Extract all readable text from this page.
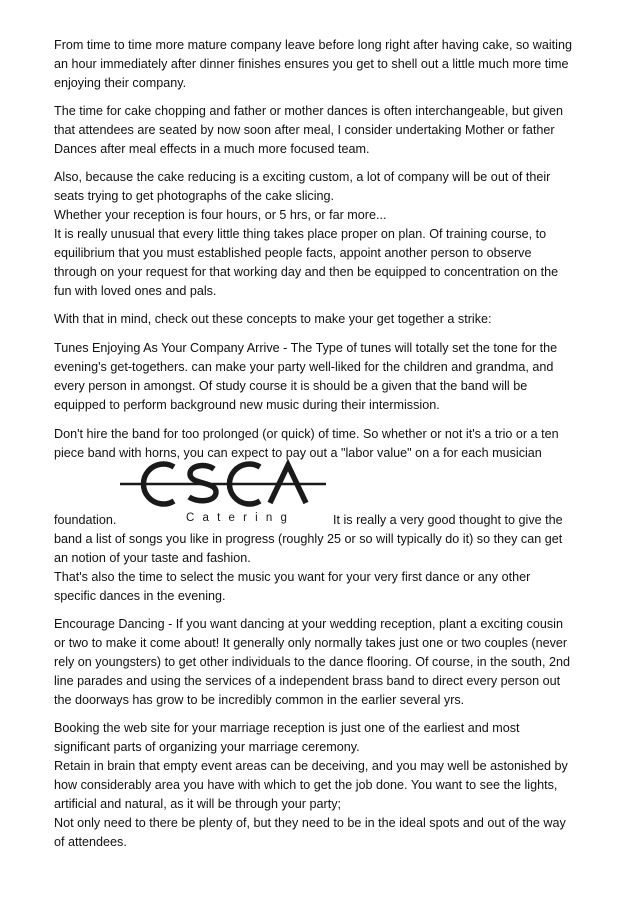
From time to time more mature company leave before long right after having cake, so waiting
an hour immediately after dinner finishes ensures you get to shell out a little much more time
enjoying their company.
The time for cake chopping and father or mother dances is often interchangeable, but given
that attendees are seated by now soon after meal, I consider undertaking Mother or father
Dances after meal effects in a much more focused team.
Also, because the cake reducing is a exciting custom, a lot of company will be out of their
seats trying to get photographs of the cake slicing.
Whether your reception is four hours, or 5 hrs, or far more...
It is really unusual that every little thing takes place proper on plan. Of training course, to
equilibrium that you must established people facts, appoint another person to observe
through on your request for that working day and then be equipped to concentration on the
fun with loved ones and pals.
With that in mind, check out these concepts to make your get together a strike:
Tunes Enjoying As Your Company Arrive - The Type of tunes will totally set the tone for the
evening's get-togethers. can make your party well-liked for the children and grandma, and
every person in amongst. Of study course it is should be a given that the band will be
equipped to perform background new music during their intermission.
Don't hire the band for too prolonged (or quick) of time. So whether or not it's a trio or a ten
piece band with horns, you can expect to pay out a "labor value" on a for each musician
Catering
foundation.	It is really a very good thought to give the
band a list of songs you like in progress (roughly 25 or so will typically do it) so they can get
an notion of your taste and fashion.
That's also the time to select the music you want for your very first dance or any other
specific dances in the evening.
Encourage Dancing - If you want dancing at your wedding reception, plant a exciting cousin
or two to make it come about! It generally only normally takes just one or two couples (never
rely on youngsters) to get other individuals to the dance flooring. Of course, in the south, 2nd
line parades and using the services of a independent brass band to direct every person out
the doorways has grow to be incredibly common in the earlier several yrs.
Booking the web site for your marriage reception is just one of the earliest and most
significant parts of organizing your marriage ceremony.
Retain in brain that empty event areas can be deceiving, and you may well be astonished by
how considerably area you have with which to get the job done. You want to see the lights,
artificial and natural, as it will be through your party;
Not only need to there be plenty of, but they need to be in the ideal spots and out of the way
of attendees.
